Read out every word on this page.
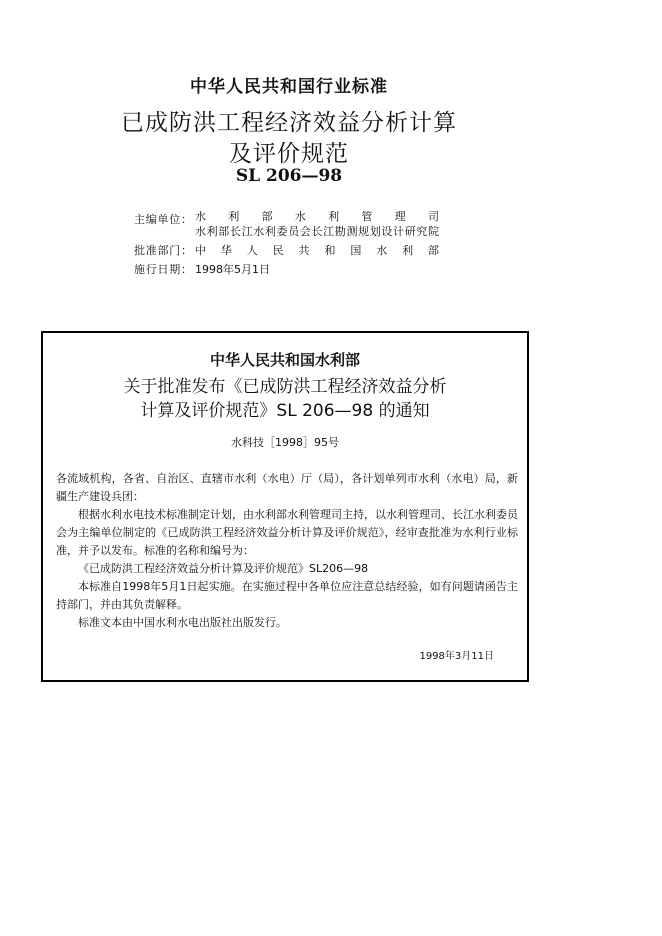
中华人民共和国行业标准

已成防洪工程经济效益分析计算

及评价规范

SL 206—98

主编单位： 水利部水利管理司
水利部长江水利委员会长江勘测规划设计研究院
批准部门： 中华人民共和国水利部
施行日期： 1998年5月1日

中华人民共和国水利部

关于批准发布《已成防洪工程经济效益分析

计算及评价规范》SL 206—98 的通知

水科技［1998］95号

各流域机构，各省、自治区、直辖市水利（水电）厅（局），各计划单列市水利（水电）局，新疆生产建设兵团：

根据水利水电技术标准制定计划，由水利部水利管理司主持，以水利管理司、长江水利委员会为主编单位制定的《已成防洪工程经济效益分析计算及评价规范》，经审查批准为水利行业标准，并予以发布。标准的名称和编号为：

《已成防洪工程经济效益分析计算及评价规范》SL206—98

本标准自1998年5月1日起实施。在实施过程中各单位应注意总结经验，如有问题请函告主持部门，并由其负责解释。

标准文本由中国水利水电出版社出版发行。

1998年3月11日
